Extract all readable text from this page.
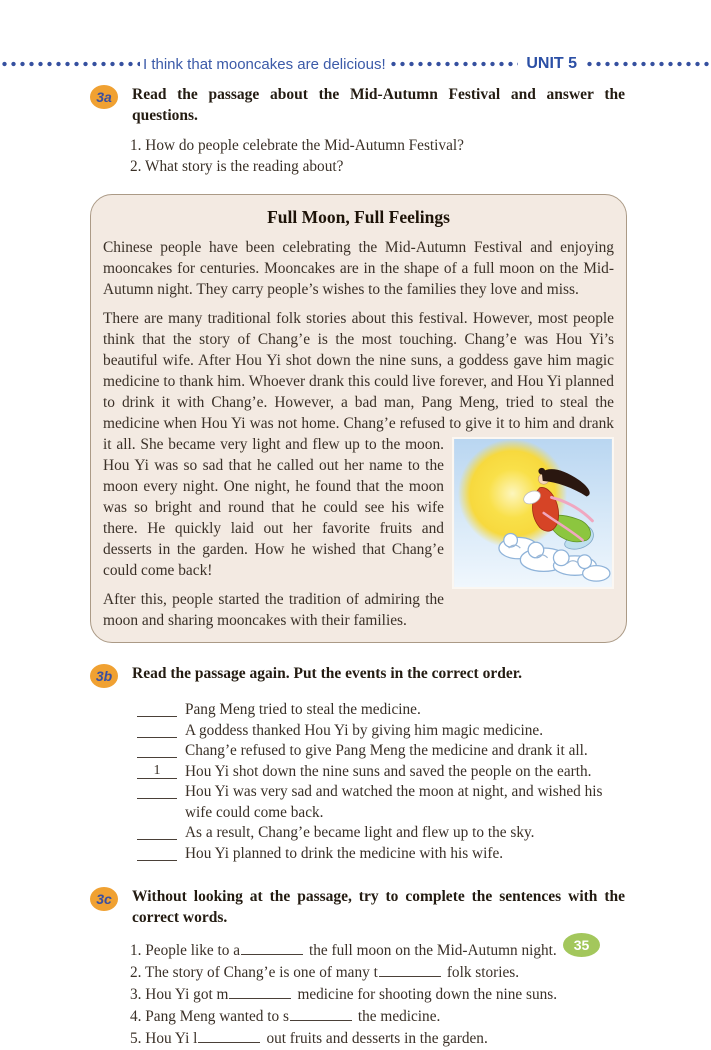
I think that mooncakes are delicious!	UNIT 5
3a	Read the passage about the Mid-Autumn Festival and answer the questions.
1. How do people celebrate the Mid-Autumn Festival?
2. What story is the reading about?
Full Moon, Full Feelings

Chinese people have been celebrating the Mid-Autumn Festival and enjoying mooncakes for centuries. Mooncakes are in the shape of a full moon on the Mid-Autumn night. They carry people’s wishes to the families they love and miss.

There are many traditional folk stories about this festival. However, most people think that the story of Chang’e is the most touching. Chang’e was Hou Yi’s beautiful wife. After Hou Yi shot down the nine suns, a goddess gave him magic medicine to thank him. Whoever drank this could live forever, and Hou Yi planned to drink it with Chang’e. However, a bad man, Pang Meng, tried to steal the medicine when Hou Yi was not home. Chang’e refused to give it to him and drank it all. She became very light and flew up to the moon. Hou Yi was so sad that he called out her name to the moon every night. One night, he found that the moon was so bright and round that he could see his wife there. He quickly laid out her favorite fruits and desserts in the garden. How he wished that Chang’e could come back!

After this, people started the tradition of admiring the moon and sharing mooncakes with their families.

3b	Read the passage again. Put the events in the correct order.
Pang Meng tried to steal the medicine.
A goddess thanked Hou Yi by giving him magic medicine.
Chang’e refused to give Pang Meng the medicine and drank it all.
1	Hou Yi shot down the nine suns and saved the people on the earth.
Hou Yi was very sad and watched the moon at night, and wished his wife could come back.
As a result, Chang’e became light and flew up to the sky.
Hou Yi planned to drink the medicine with his wife.
3c	Without looking at the passage, try to complete the sentences with the correct words.
1. People like to a	the full moon on the Mid-Autumn night.
2. The story of Chang’e is one of many t	folk stories.
3. Hou Yi got m	medicine for shooting down the nine suns.
4. Pang Meng wanted to s	the medicine.
5. Hou Yi l	out fruits and desserts in the garden.
35
